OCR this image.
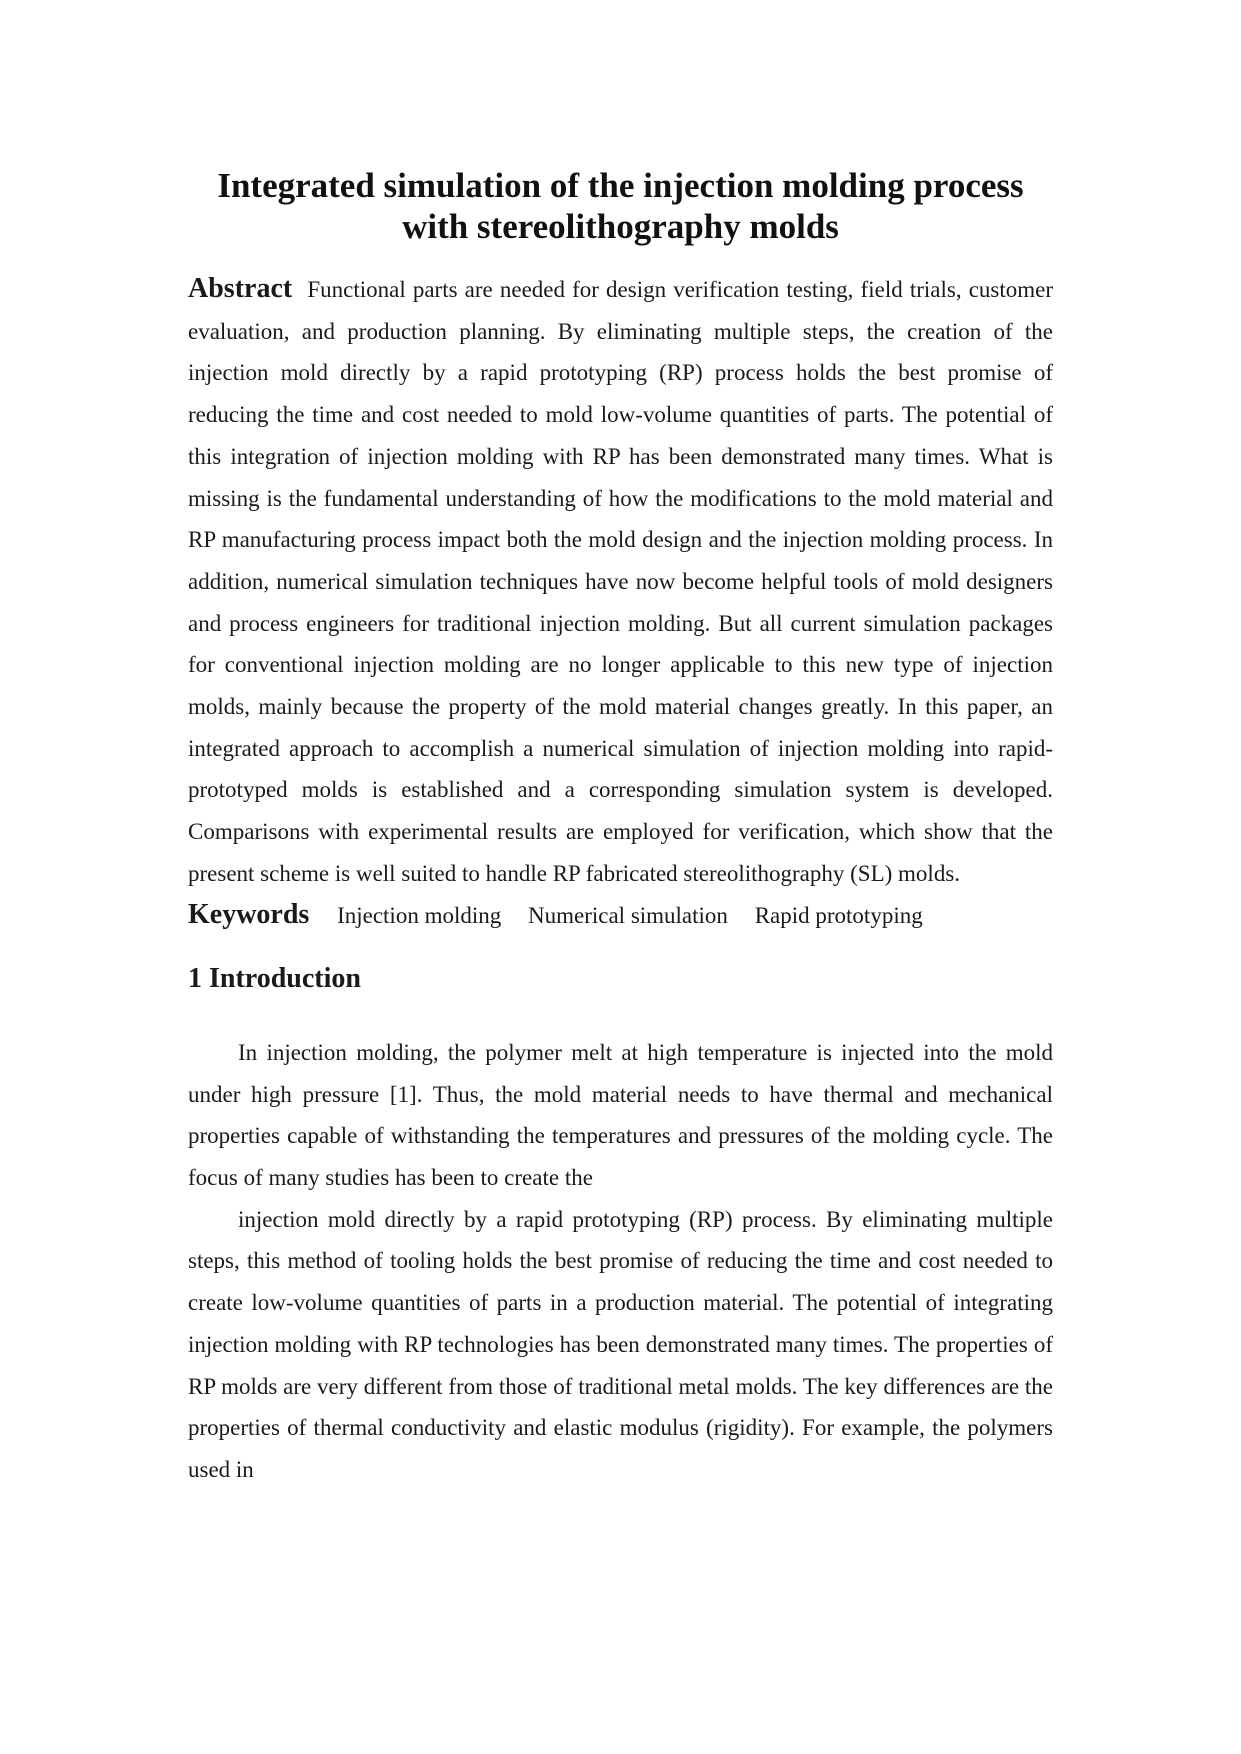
Integrated simulation of the injection molding process
with stereolithography molds

Abstract Functional parts are needed for design verification testing, field trials, customer evaluation, and production planning. By eliminating multiple steps, the creation of the injection mold directly by a rapid prototyping (RP) process holds the best promise of reducing the time and cost needed to mold low-volume quantities of parts. The potential of this integration of injection molding with RP has been demonstrated many times. What is missing is the fundamental understanding of how the modifications to the mold material and RP manufacturing process impact both the mold design and the injection molding process. In addition, numerical simulation techniques have now become helpful tools of mold designers and process engineers for traditional injection molding. But all current simulation packages for conventional injection molding are no longer applicable to this new type of injection molds, mainly because the property of the mold material changes greatly. In this paper, an integrated approach to accomplish a numerical simulation of injection molding into rapid-prototyped molds is established and a corresponding simulation system is developed. Comparisons with experimental results are employed for verification, which show that the present scheme is well suited to handle RP fabricated stereolithography (SL) molds.

Keywords Injection molding Numerical simulation Rapid prototyping

1 Introduction

In injection molding, the polymer melt at high temperature is injected into the mold under high pressure [1]. Thus, the mold material needs to have thermal and mechanical properties capable of withstanding the temperatures and pressures of the molding cycle. The focus of many studies has been to create the

injection mold directly by a rapid prototyping (RP) process. By eliminating multiple steps, this method of tooling holds the best promise of reducing the time and cost needed to create low-volume quantities of parts in a production material. The potential of integrating injection molding with RP technologies has been demonstrated many times. The properties of RP molds are very different from those of traditional metal molds. The key differences are the properties of thermal conductivity and elastic modulus (rigidity). For example, the polymers used in
